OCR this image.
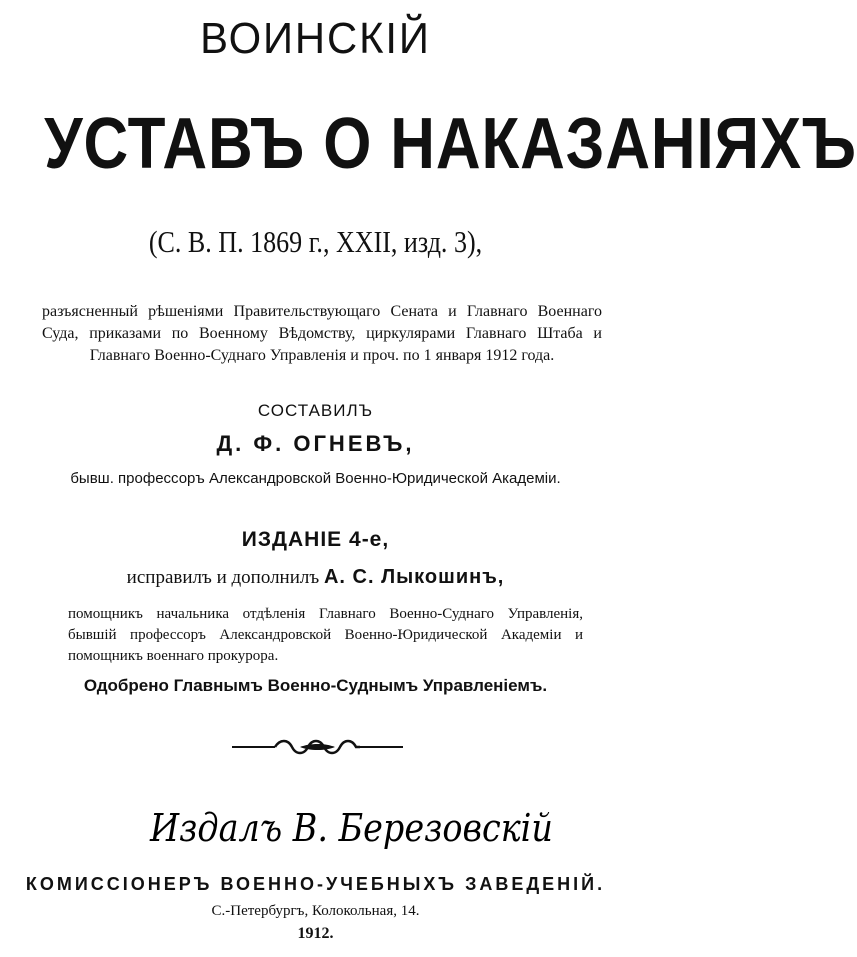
ВОИНСКІЙ
УСТАВЪ О НАКАЗАНІЯХЪ
(С. В. П. 1869 г., XXII, изд. 3),
разъясненный рѣшеніями Правительствующаго Сената и Главнаго Военнаго Суда, приказами по Военному Вѣдомству, циркулярами Главнаго Штаба и Главнаго Военно-Суднаго Управленія и проч. по 1 января 1912 года.
СОСТАВИЛЪ
Д. Ф. ОГНЕВЪ,
бывш. профессоръ Александровской Военно-Юридической Академіи.
ИЗДАНІЕ 4-е,
исправилъ и дополнилъ А. С. Лыкошинъ,
помощникъ начальника отдѣленія Главнаго Военно-Суднаго Управленія, бывшій профессоръ Александровской Военно-Юридической Академіи и помощникъ военнаго прокурора.
Одобрено Главнымъ Военно-Суднымъ Управленіемъ.
Издалъ В. Березовскій
КОМИССІОНЕРЪ ВОЕННО-УЧЕБНЫХЪ ЗАВЕДЕНІЙ.
С.-Петербургъ, Колокольная, 14.
1912.
